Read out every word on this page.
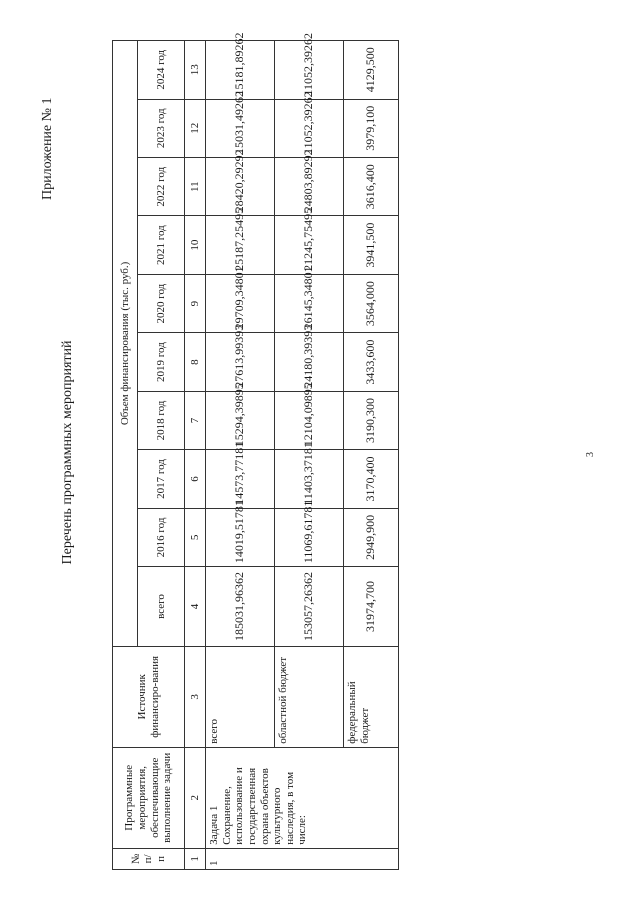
Приложение № 1
Перечень программных мероприятий
№ п/п	Программные мероприятия, обеспечивающие выполнение задачи	Источник финансиро-вания	Объем финансирования (тыс. руб.)									
			всего	2016 год	2017 год	2018 год	2019 год	2020 год	2021 год	2022 год	2023 год	2024 год
1	2	3	4	5	6	7	8	9	10	11	12	13
1	Задача 1 Сохранение, использование и государственная охрана объектов культурного наследия, в том числе:	всего	185031,96362	14019,51781	14573,77181	15294,39895	27613,99393	29709,34801	25187,25495	28420,29292	15031,49262	15181,89262
		областной бюджет	153057,26362	11069,61781	11403,37181	12104,09895	24180,39393	26145,34801	21245,75495	24803,89292	11052,39262	11052,39262
		федеральный бюджет	31974,700	2949,900	3170,400	3190,300	3433,600	3564,000	3941,500	3616,400	3979,100	4129,500
3
